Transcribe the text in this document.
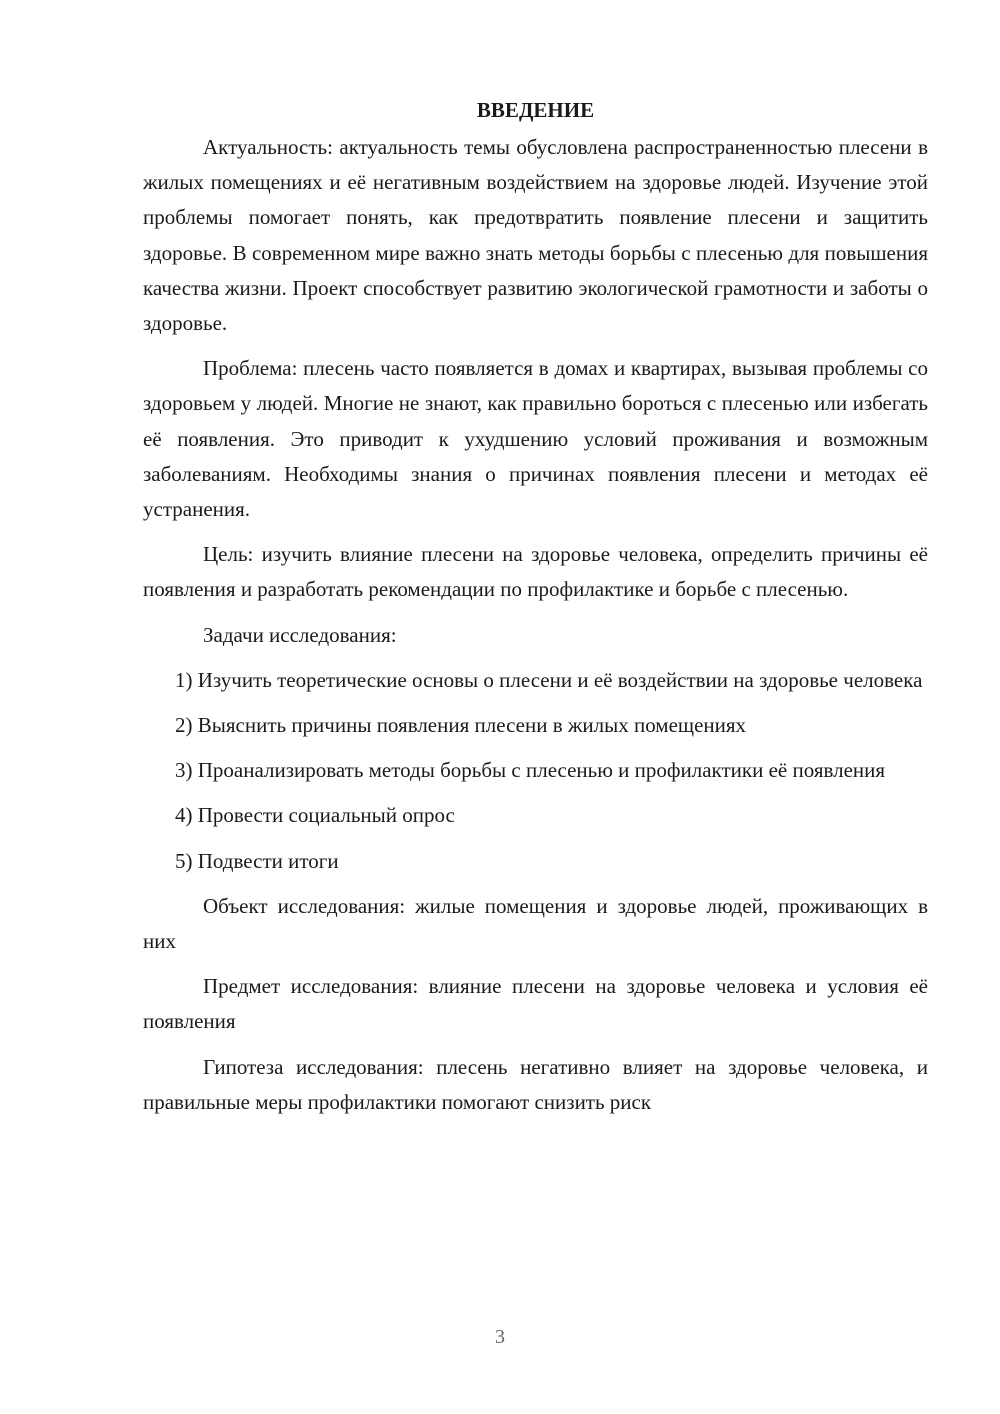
ВВЕДЕНИЕ

Актуальность: актуальность темы обусловлена распространенностью плесени в жилых помещениях и её негативным воздействием на здоровье людей. Изучение этой проблемы помогает понять, как предотвратить появление плесени и защитить здоровье. В современном мире важно знать методы борьбы с плесенью для повышения качества жизни. Проект способствует развитию экологической грамотности и заботы о здоровье.

Проблема: плесень часто появляется в домах и квартирах, вызывая проблемы со здоровьем у людей. Многие не знают, как правильно бороться с плесенью или избегать её появления. Это приводит к ухудшению условий проживания и возможным заболеваниям. Необходимы знания о причинах появления плесени и методах её устранения.

Цель: изучить влияние плесени на здоровье человека, определить причины её появления и разработать рекомендации по профилактике и борьбе с плесенью.

Задачи исследования:

1) Изучить теоретические основы о плесени и её воздействии на здоровье человека

2) Выяснить причины появления плесени в жилых помещениях

3) Проанализировать методы борьбы с плесенью и профилактики её появления

4) Провести социальный опрос

5) Подвести итоги

Объект исследования: жилые помещения и здоровье людей, проживающих в них

Предмет исследования: влияние плесени на здоровье человека и условия её появления

Гипотеза исследования: плесень негативно влияет на здоровье человека, и правильные меры профилактики помогают снизить риск

3
